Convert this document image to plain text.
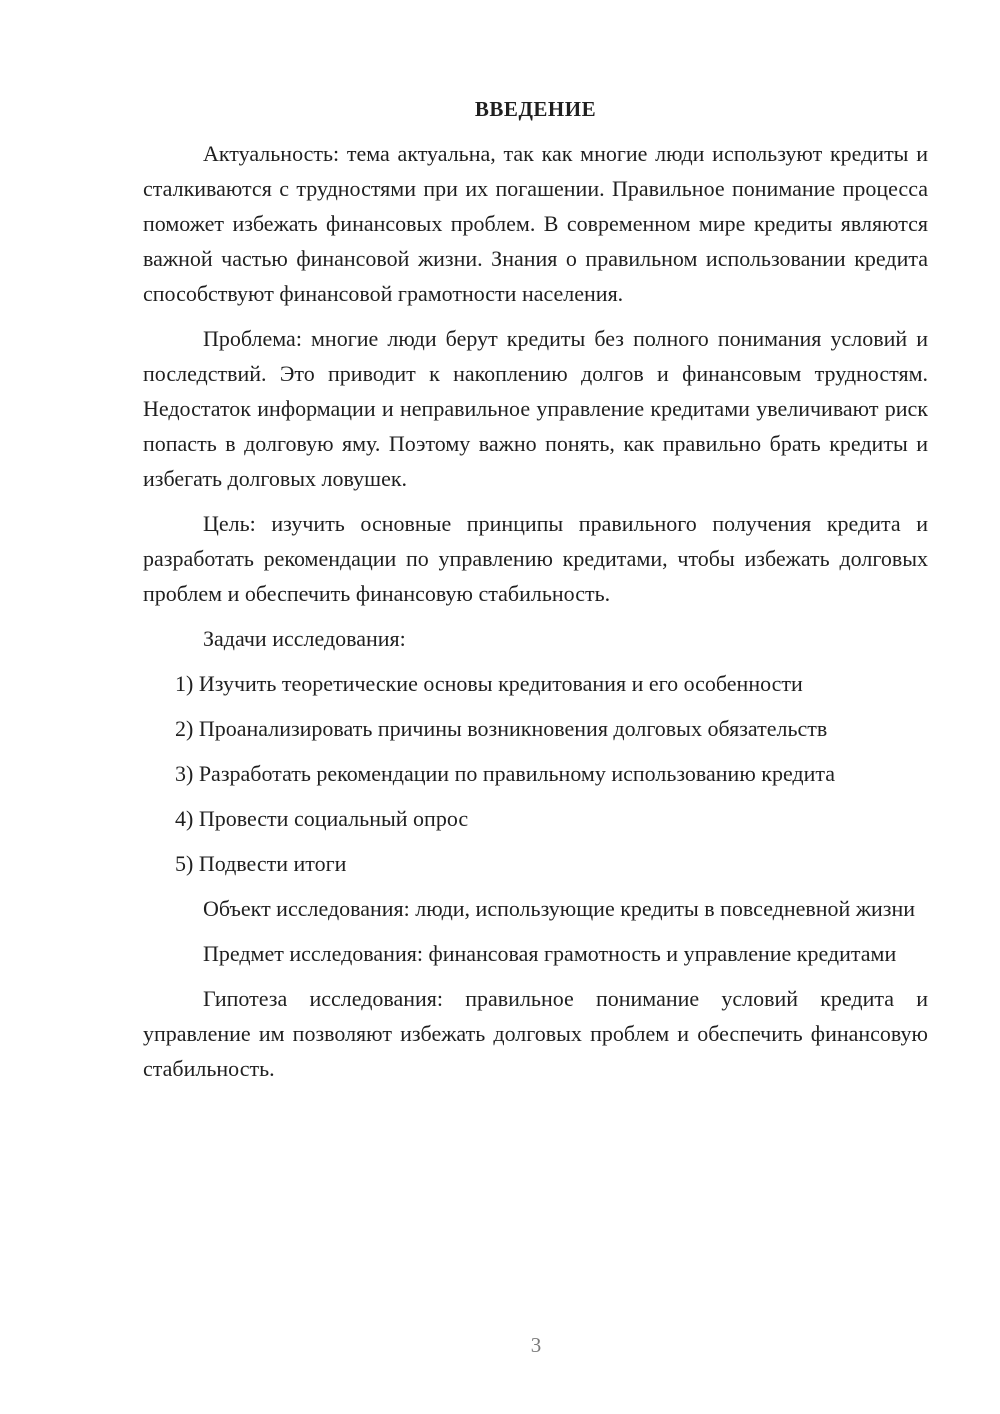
ВВЕДЕНИЕ

Актуальность: тема актуальна, так как многие люди используют кредиты и сталкиваются с трудностями при их погашении. Правильное понимание процесса поможет избежать финансовых проблем. В современном мире кредиты являются важной частью финансовой жизни. Знания о правильном использовании кредита способствуют финансовой грамотности населения.

Проблема: многие люди берут кредиты без полного понимания условий и последствий. Это приводит к накоплению долгов и финансовым трудностям. Недостаток информации и неправильное управление кредитами увеличивают риск попасть в долговую яму. Поэтому важно понять, как правильно брать кредиты и избегать долговых ловушек.

Цель: изучить основные принципы правильного получения кредита и разработать рекомендации по управлению кредитами, чтобы избежать долговых проблем и обеспечить финансовую стабильность.

Задачи исследования:

1) Изучить теоретические основы кредитования и его особенности

2) Проанализировать причины возникновения долговых обязательств

3) Разработать рекомендации по правильному использованию кредита

4) Провести социальный опрос

5) Подвести итоги

Объект исследования: люди, использующие кредиты в повседневной жизни

Предмет исследования: финансовая грамотность и управление кредитами

Гипотеза исследования: правильное понимание условий кредита и управление им позволяют избежать долговых проблем и обеспечить финансовую стабильность.

3
